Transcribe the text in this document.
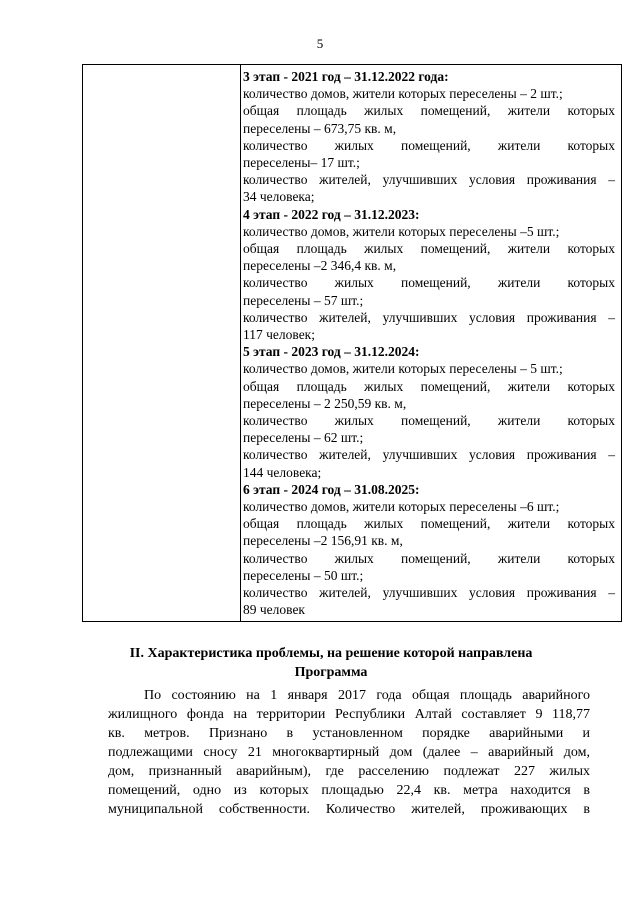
5
3 этап - 2021 год – 31.12.2022 года:
количество домов, жители которых переселены – 2 шт.;
общая площадь жилых помещений, жители которых
переселены – 673,75 кв. м,
количество жилых помещений, жители которых
переселены– 17 шт.;
количество жителей, улучшивших условия проживания –
34 человека;
4 этап - 2022 год – 31.12.2023:
количество домов, жители которых переселены –5 шт.;
общая площадь жилых помещений, жители которых
переселены –2 346,4 кв. м,
количество жилых помещений, жители которых
переселены – 57 шт.;
количество жителей, улучшивших условия проживания –
117 человек;
5 этап - 2023 год – 31.12.2024:
количество домов, жители которых переселены – 5 шт.;
общая площадь жилых помещений, жители которых
переселены – 2 250,59 кв. м,
количество жилых помещений, жители которых
переселены – 62 шт.;
количество жителей, улучшивших условия проживания –
144 человека;
6 этап - 2024 год – 31.08.2025:
количество домов, жители которых переселены –6 шт.;
общая площадь жилых помещений, жители которых
переселены –2 156,91 кв. м,
количество жилых помещений, жители которых
переселены – 50 шт.;
количество жителей, улучшивших условия проживания –
89 человек
II. Характеристика проблемы, на решение которой направлена
Программа
По состоянию на 1 января 2017 года общая площадь аварийного
жилищного фонда на территории Республики Алтай составляет 9 118,77
кв. метров. Признано в установленном порядке аварийными и
подлежащими сносу 21 многоквартирный дом (далее – аварийный дом,
дом, признанный аварийным), где расселению подлежат 227 жилых
помещений, одно из которых площадью 22,4 кв. метра находится в
муниципальной собственности. Количество жителей, проживающих в
